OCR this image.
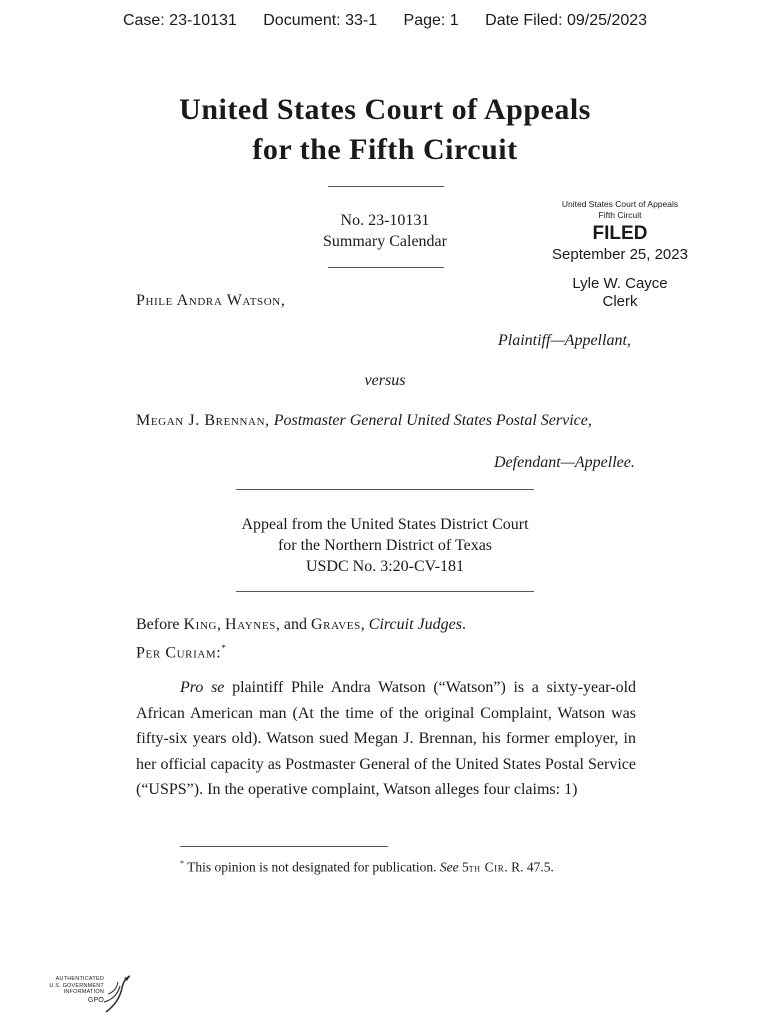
Case: 23-10131 Document: 33-1 Page: 1 Date Filed: 09/25/2023
United States Court of Appeals
for the Fifth Circuit
No. 23-10131
Summary Calendar
United States Court of Appeals
Fifth Circuit
FILED
September 25, 2023
Lyle W. Cayce
Clerk
Phile Andra Watson,
Plaintiff—Appellant,
versus
Megan J. Brennan, Postmaster General United States Postal Service,
Defendant—Appellee.
Appeal from the United States District Court
for the Northern District of Texas
USDC No. 3:20-CV-181
Before King, Haynes, and Graves, Circuit Judges.
Per Curiam:*
Pro se plaintiff Phile Andra Watson (“Watson”) is a sixty-year-old African American man (At the time of the original Complaint, Watson was fifty-six years old). Watson sued Megan J. Brennan, his former employer, in her official capacity as Postmaster General of the United States Postal Service (“USPS”). In the operative complaint, Watson alleges four claims: 1)
* This opinion is not designated for publication. See 5th Cir. R. 47.5.
AUTHENTICATED
U.S. GOVERNMENT
INFORMATION
GPO
